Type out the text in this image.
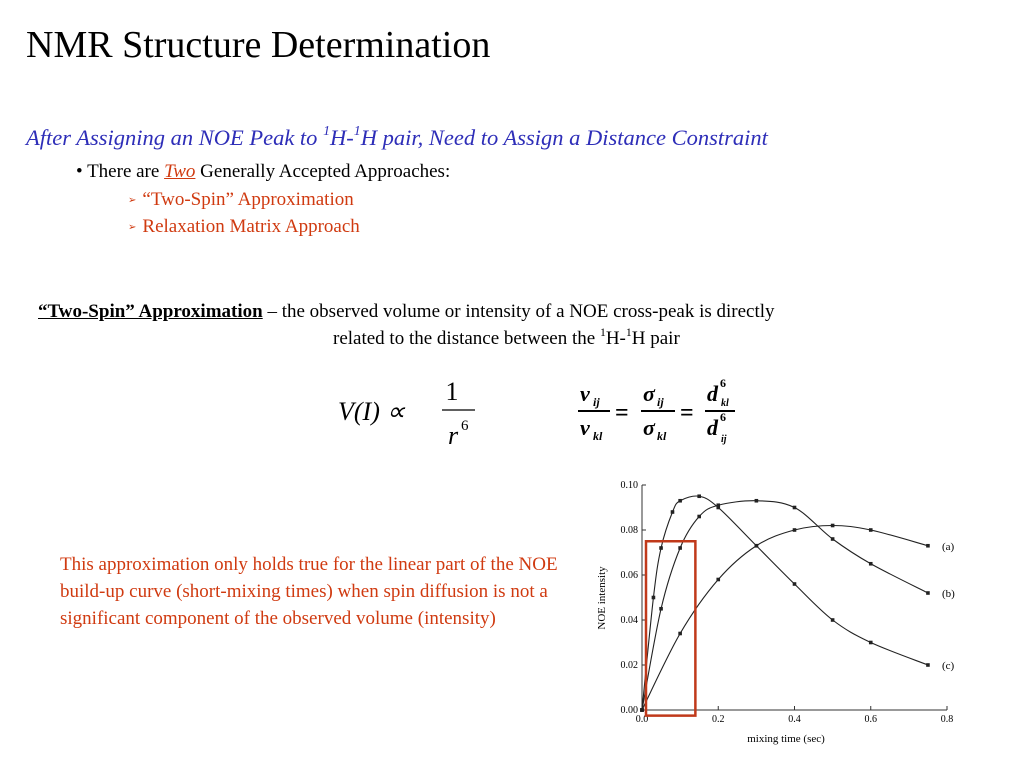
NMR Structure Determination
After Assigning an NOE Peak to $^1$H-$^1$H pair, Need to Assign a Distance Constraint
• There are Two Generally Accepted Approaches:
➢ “Two-Spin” Approximation
➢ Relaxation Matrix Approach
“Two-Spin” Approximation – the observed volume or intensity of a NOE cross-peak is directly
related to the distance between the $^1$H-$^1$H pair
V(I) ∝
1
r 6
v ij
v kl
=
σ ij
σ kl
=
d 6
kl
d 6
ij
This approximation only holds true for the linear part of the NOE build-up curve (short-mixing times) when spin diffusion is not a significant component of the observed volume (intensity)
0.0	0.2	0.4	0.6	0.8
0.00
0.02
0.04
0.06
0.08
0.10
(a)
(b)
(c)
mixing time (sec)
NOE intensity
